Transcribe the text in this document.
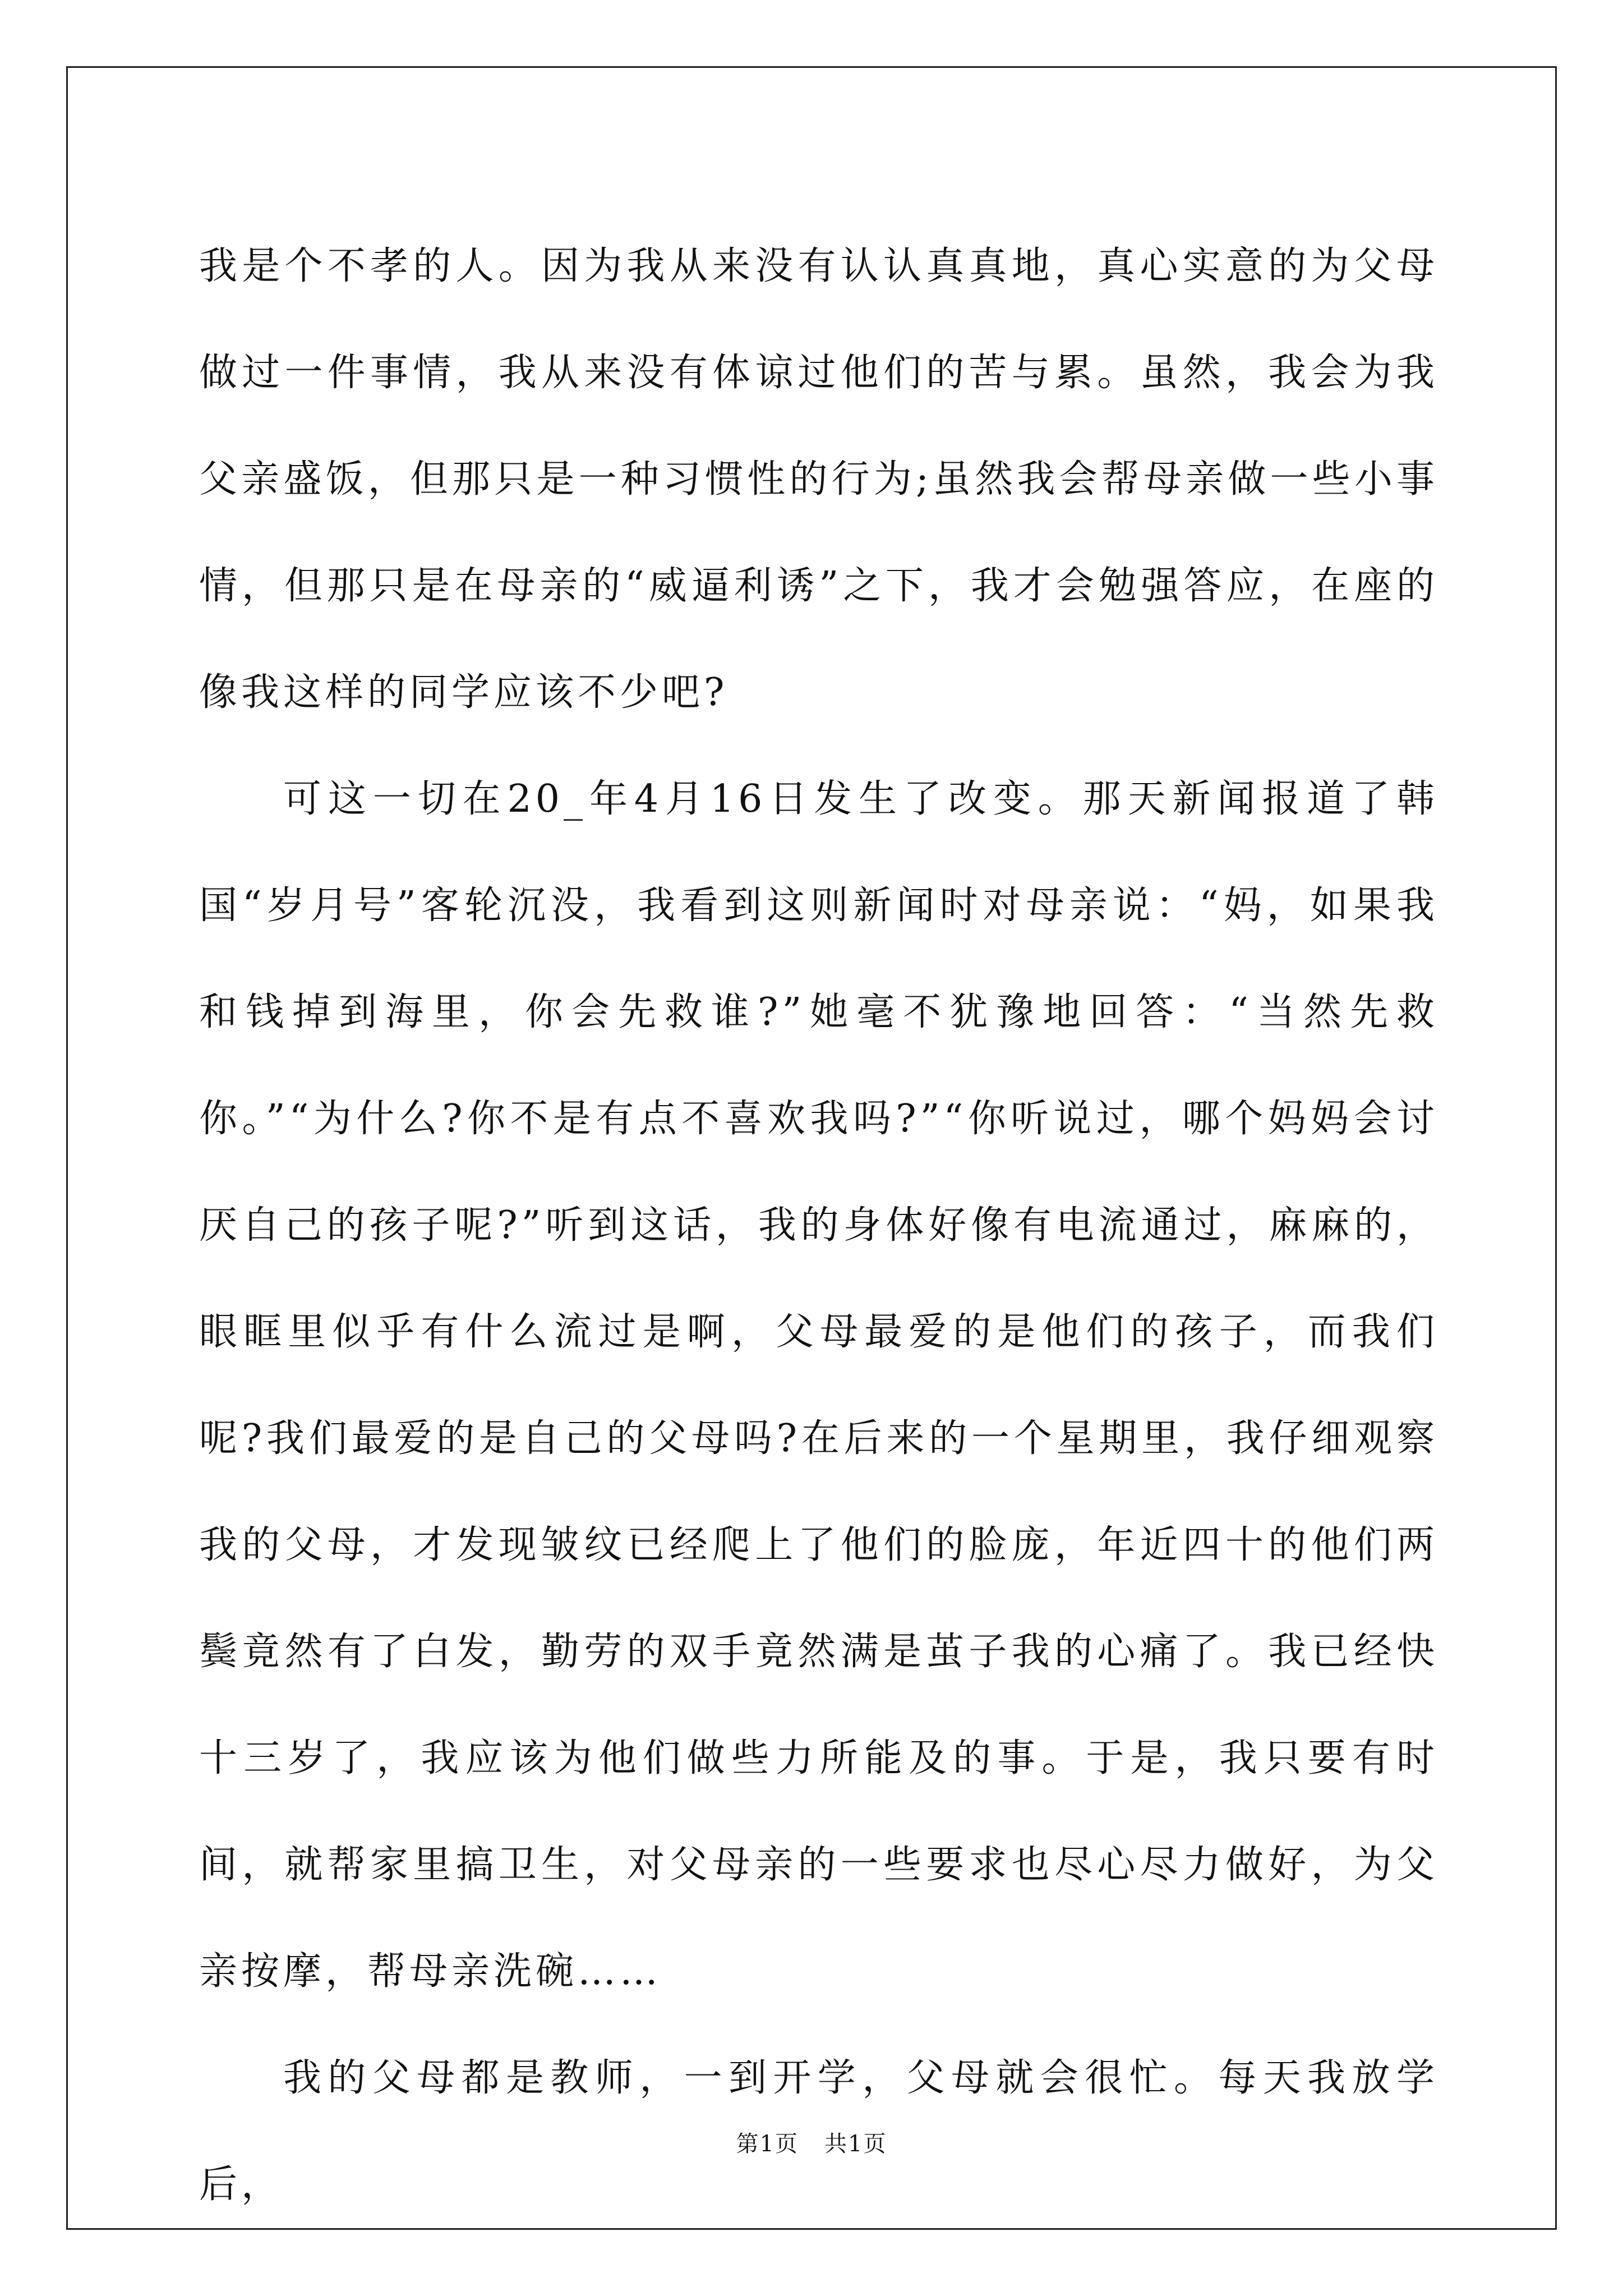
我是个不孝的人。因为我从来没有认认真真地，真心实意的为父母做过一件事情，我从来没有体谅过他们的苦与累。虽然，我会为我父亲盛饭，但那只是一种习惯性的行为;虽然我会帮母亲做一些小事情，但那只是在母亲的“威逼利诱”之下，我才会勉强答应，在座的像我这样的同学应该不少吧?

可这一切在20_年4月16日发生了改变。那天新闻报道了韩国“岁月号”客轮沉没，我看到这则新闻时对母亲说：“妈，如果我和钱掉到海里，你会先救谁?”她毫不犹豫地回答：“当然先救你。”“为什么?你不是有点不喜欢我吗?”“你听说过，哪个妈妈会讨厌自己的孩子呢?”听到这话，我的身体好像有电流通过，麻麻的，眼眶里似乎有什么流过是啊，父母最爱的是他们的孩子，而我们呢?我们最爱的是自己的父母吗?在后来的一个星期里，我仔细观察我的父母，才发现皱纹已经爬上了他们的脸庞，年近四十的他们两鬓竟然有了白发，勤劳的双手竟然满是茧子我的心痛了。我已经快十三岁了，我应该为他们做些力所能及的事。于是，我只要有时间，就帮家里搞卫生，对父母亲的一些要求也尽心尽力做好，为父亲按摩，帮母亲洗碗……

我的父母都是教师，一到开学，父母就会很忙。每天我放学后，

第1页 共1页
